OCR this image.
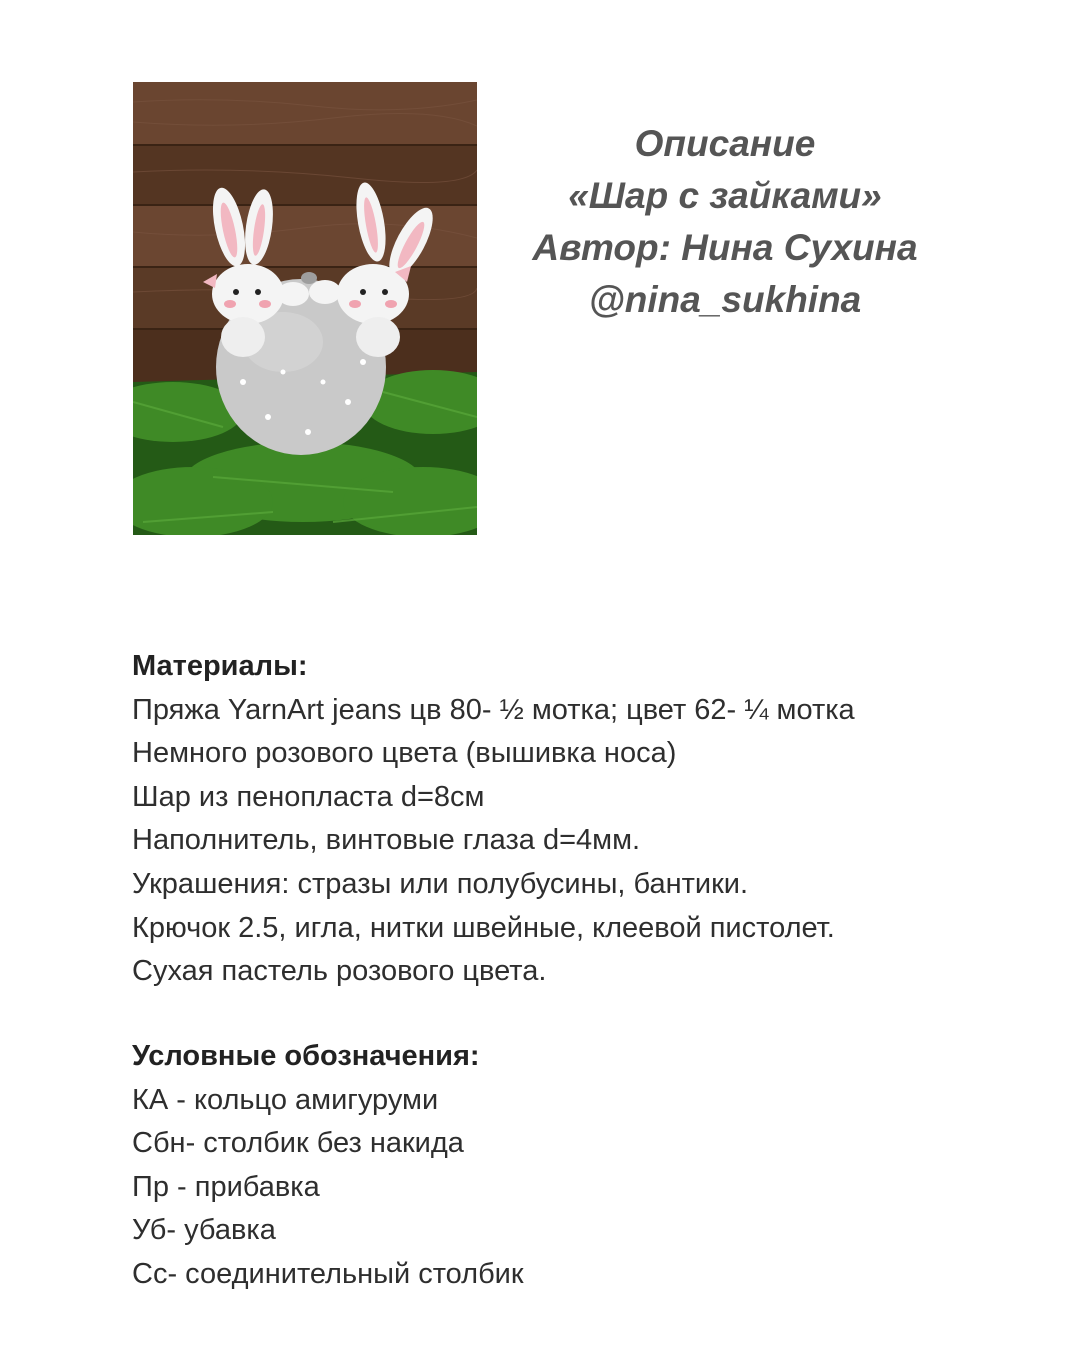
Описание
«Шар с зайками»
Автор: Нина Сухина
@nina_sukhina
Материалы:
Пряжа YarnArt jeans цв 80- ½ мотка; цвет 62- ¼ мотка
Немного розового цвета (вышивка носа)
Шар из пенопласта d=8см
Наполнитель, винтовые глаза d=4мм.
Украшения: стразы или полубусины, бантики.
Крючок 2.5, игла, нитки швейные, клеевой пистолет.
Сухая пастель розового цвета.
Условные обозначения:
КА - кольцо амигуруми
Сбн- столбик без накида
Пр - прибавка
Уб- убавка
Сс- соединительный столбик
